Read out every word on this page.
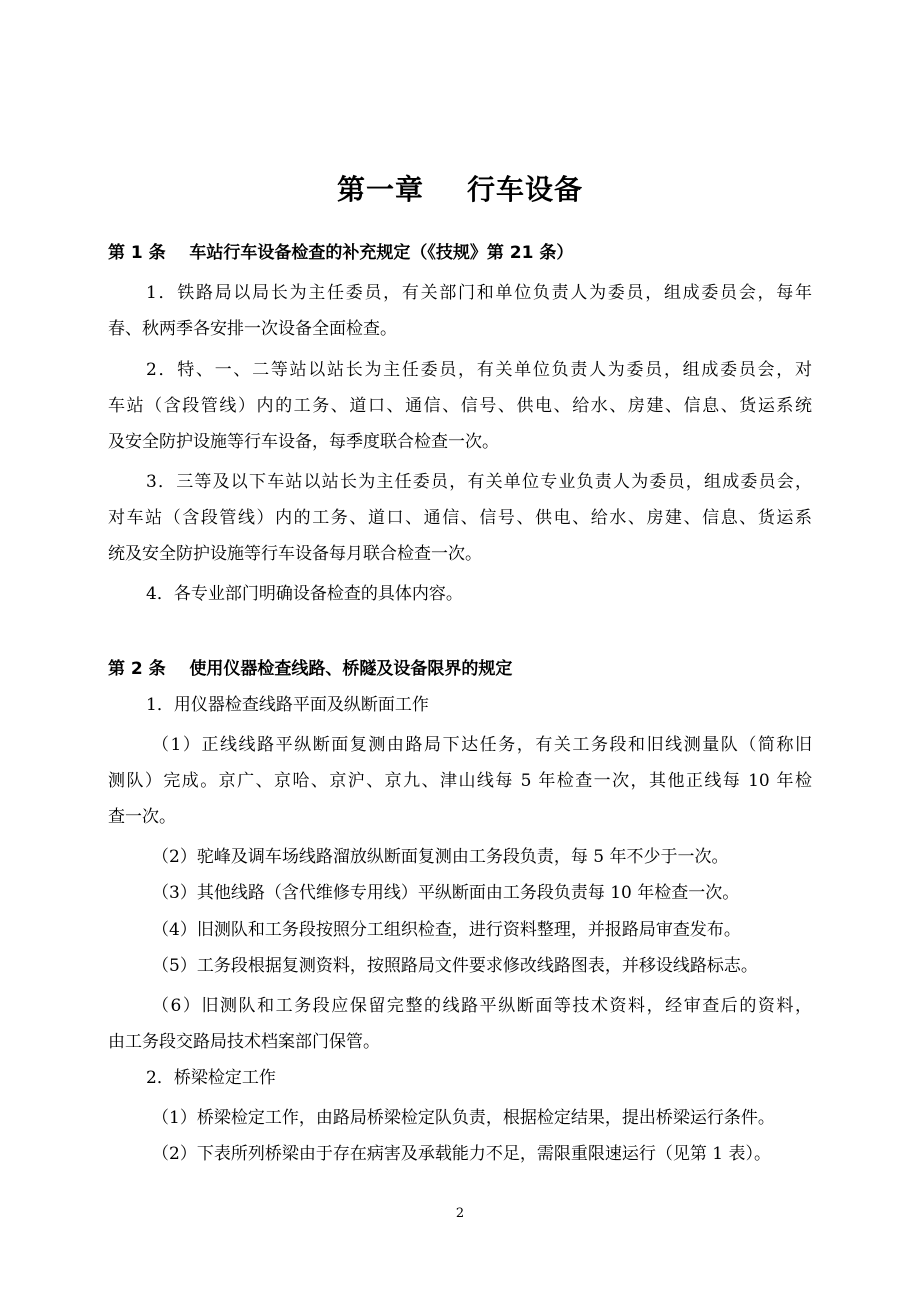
第一章    行车设备
第 1 条    车站行车设备检查的补充规定（《技规》第 21 条）
1．铁路局以局长为主任委员，有关部门和单位负责人为委员，组成委员会，每年
春、秋两季各安排一次设备全面检查。
2．特、一、二等站以站长为主任委员，有关单位负责人为委员，组成委员会，对
车站（含段管线）内的工务、道口、通信、信号、供电、给水、房建、信息、货运系统
及安全防护设施等行车设备，每季度联合检查一次。
3．三等及以下车站以站长为主任委员，有关单位专业负责人为委员，组成委员会，
对车站（含段管线）内的工务、道口、通信、信号、供电、给水、房建、信息、货运系
统及安全防护设施等行车设备每月联合检查一次。
4．各专业部门明确设备检查的具体内容。
第 2 条    使用仪器检查线路、桥隧及设备限界的规定
1．用仪器检查线路平面及纵断面工作
（1）正线线路平纵断面复测由路局下达任务，有关工务段和旧线测量队（简称旧
测队）完成。京广、京哈、京沪、京九、津山线每 5 年检查一次，其他正线每 10 年检
查一次。
（2）驼峰及调车场线路溜放纵断面复测由工务段负责，每 5 年不少于一次。
（3）其他线路（含代维修专用线）平纵断面由工务段负责每 10 年检查一次。
（4）旧测队和工务段按照分工组织检查，进行资料整理，并报路局审查发布。
（5）工务段根据复测资料，按照路局文件要求修改线路图表，并移设线路标志。
（6）旧测队和工务段应保留完整的线路平纵断面等技术资料，经审查后的资料，
由工务段交路局技术档案部门保管。
2．桥梁检定工作
（1）桥梁检定工作，由路局桥梁检定队负责，根据检定结果，提出桥梁运行条件。
（2）下表所列桥梁由于存在病害及承载能力不足，需限重限速运行（见第 1 表）。
2
